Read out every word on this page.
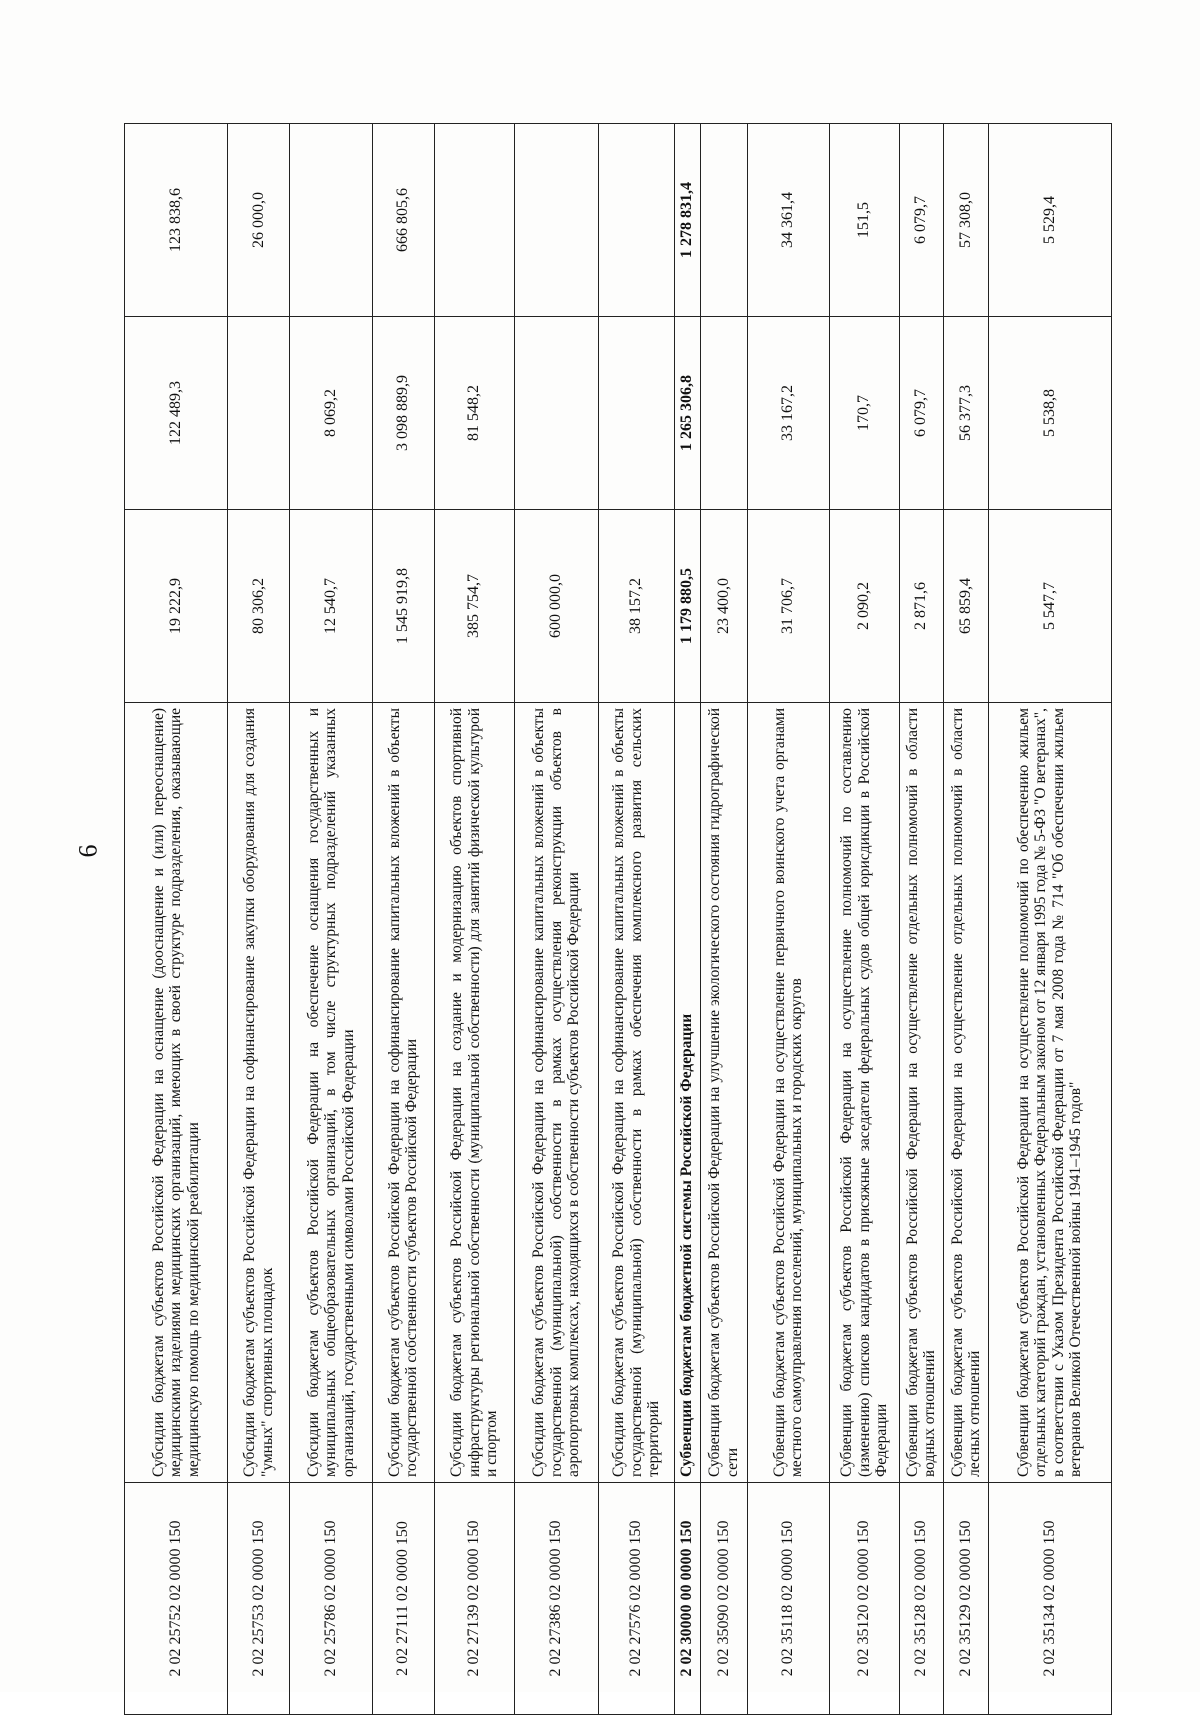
6
2 02 25752 02 0000 150	Субсидии бюджетам субъектов Российской Федерации на оснащение (дооснащение и (или) переоснащение) медицинскими изделиями медицинских организаций, имеющих в своей структуре подразделения, оказывающие медицинскую помощь по медицинской реабилитации	19 222,9	122 489,3	123 838,6
2 02 25753 02 0000 150	Субсидии бюджетам субъектов Российской Федерации на софинансирование закупки оборудования для создания "умных" спортивных площадок	80 306,2		26 000,0
2 02 25786 02 0000 150	Субсидии бюджетам субъектов Российской Федерации на обеспечение оснащения государственных и муниципальных общеобразовательных организаций, в том числе структурных подразделений указанных организаций, государственными символами Российской Федерации	12 540,7	8 069,2	
2 02 27111 02 0000 150	Субсидии бюджетам субъектов Российской Федерации на софинансирование капитальных вложений в объекты государственной собственности субъектов Российской Федерации	1 545 919,8	3 098 889,9	666 805,6
2 02 27139 02 0000 150	Субсидии бюджетам субъектов Российской Федерации на создание и модернизацию объектов спортивной инфраструктуры региональной собственности (муниципальной собственности) для занятий физической культурой и спортом	385 754,7	81 548,2	
2 02 27386 02 0000 150	Субсидии бюджетам субъектов Российской Федерации на софинансирование капитальных вложений в объекты государственной (муниципальной) собственности в рамках осуществления реконструкции объектов в аэропортовых комплексах, находящихся в собственности субъектов Российской Федерации	600 000,0		
2 02 27576 02 0000 150	Субсидии бюджетам субъектов Российской Федерации на софинансирование капитальных вложений в объекты государственной (муниципальной) собственности в рамках обеспечения комплексного развития сельских территорий	38 157,2		
2 02 30000 00 0000 150	Субвенции бюджетам бюджетной системы Российской Федерации	1 179 880,5	1 265 306,8	1 278 831,4
2 02 35090 02 0000 150	Субвенции бюджетам субъектов Российской Федерации на улучшение экологического состояния гидрографической сети	23 400,0		
2 02 35118 02 0000 150	Субвенции бюджетам субъектов Российской Федерации на осуществление первичного воинского учета органами местного самоуправления поселений, муниципальных и городских округов	31 706,7	33 167,2	34 361,4
2 02 35120 02 0000 150	Субвенции бюджетам субъектов Российской Федерации на осуществление полномочий по составлению (изменению) списков кандидатов в присяжные заседатели федеральных судов общей юрисдикции в Российской Федерации	2 090,2	170,7	151,5
2 02 35128 02 0000 150	Субвенции бюджетам субъектов Российской Федерации на осуществление отдельных полномочий в области водных отношений	2 871,6	6 079,7	6 079,7
2 02 35129 02 0000 150	Субвенции бюджетам субъектов Российской Федерации на осуществление отдельных полномочий в области лесных отношений	65 859,4	56 377,3	57 308,0
2 02 35134 02 0000 150	Субвенции бюджетам субъектов Российской Федерации на осуществление полномочий по обеспечению жильем отдельных категорий граждан, установленных Федеральным законом от 12 января 1995 года № 5-ФЗ "О ветеранах", в соответствии с Указом Президента Российской Федерации от 7 мая 2008 года № 714 "Об обеспечении жильем ветеранов Великой Отечественной войны 1941–1945 годов"	5 547,7	5 538,8	5 529,4
